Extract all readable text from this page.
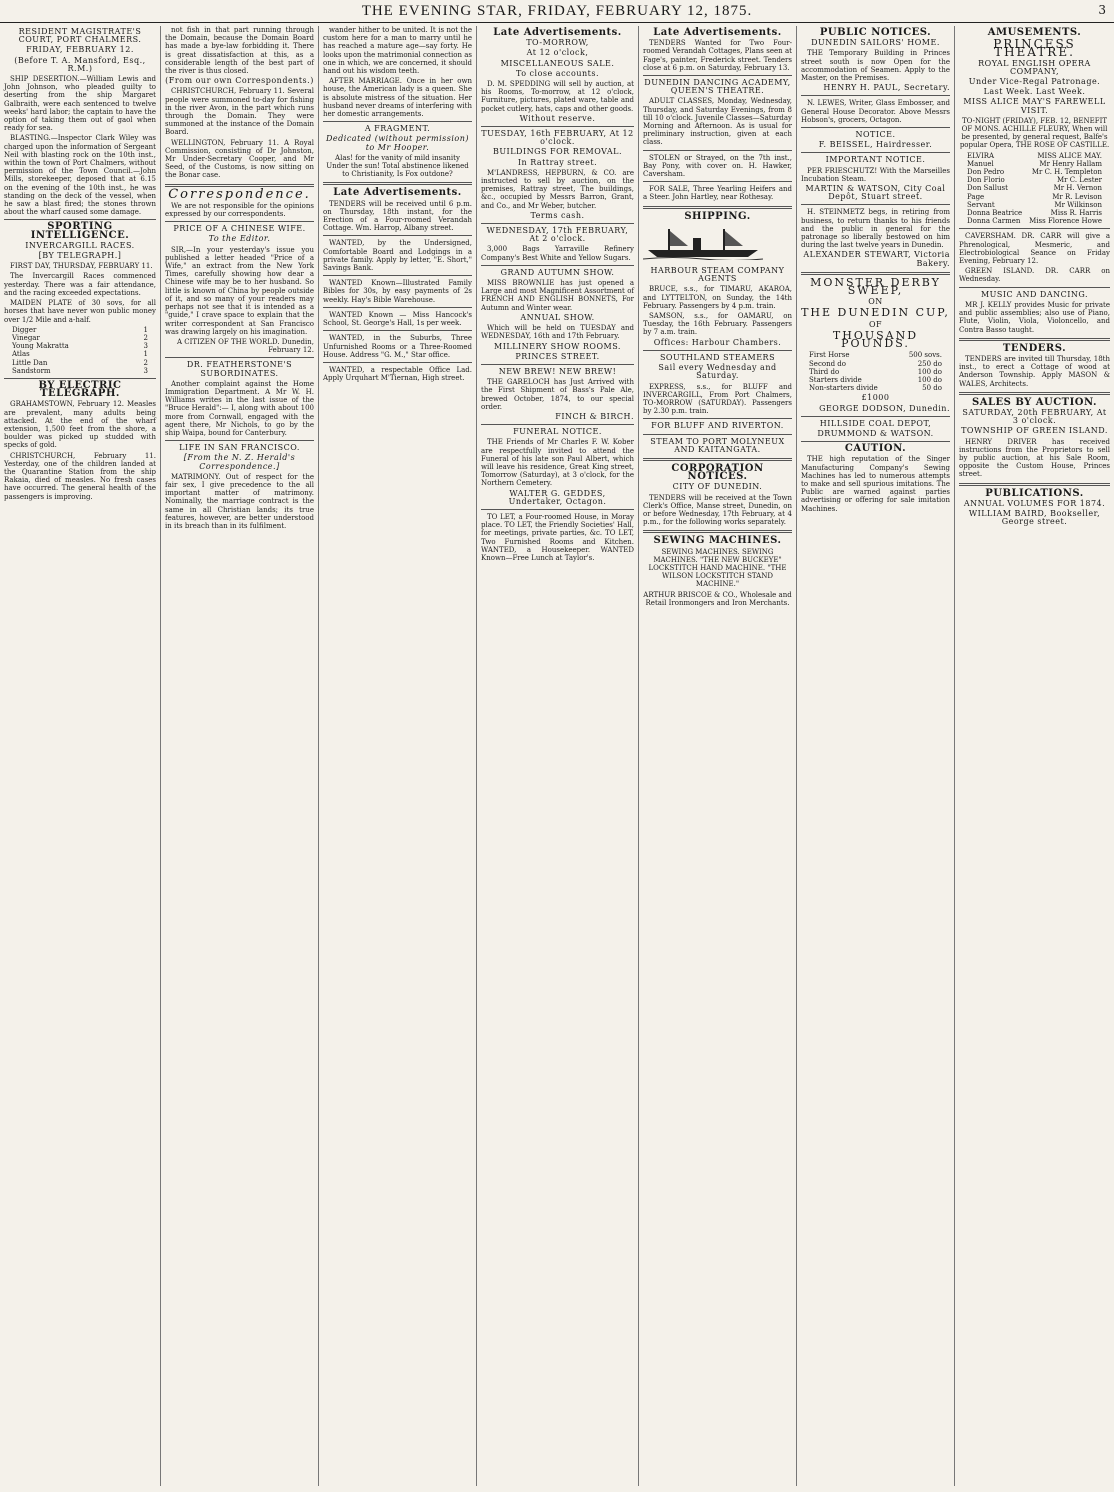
THE EVENING STAR, FRIDAY, FEBRUARY 12, 1875.	3
RESIDENT MAGISTRATE'S COURT, PORT CHALMERS.
FRIDAY, FEBRUARY 12.
(Before T. A. Mansford, Esq., R.M.)

SHIP DESERTION.—William Lewis and John Johnson, who pleaded guilty to deserting from the ship Margaret Galbraith, were each sentenced to twelve weeks' hard labor; the captain to have the option of taking them out of gaol when ready for sea.

BLASTING.—Inspector Clark Wiley was charged upon the information of Sergeant Neil with blasting rock on the 10th inst., within the town of Port Chalmers, without permission of the Town Council.—John Mills, storekeeper, deposed that at 6.15 on the evening of the 10th inst., he was standing on the deck of the vessel, when he saw a blast fired; the stones thrown about the wharf caused some damage.

SPORTING INTELLIGENCE.
INVERCARGILL RACES.
[BY TELEGRAPH.]

FIRST DAY, THURSDAY, FEBRUARY 11.

The Invercargill Races commenced yesterday. There was a fair attendance, and the racing exceeded expectations.

MAIDEN PLATE of 30 sovs, for all horses that have never won public money over 1/2 Mile and a-half.

Digger	1
Vinegar	2
Young Makratta	3
Atlas	1
Little Dan	2
Sandstorm	3
BY ELECTRIC TELEGRAPH.

GRAHAMSTOWN, February 12. Measles are prevalent, many adults being attacked. At the end of the wharf extension, 1,500 feet from the shore, a boulder was picked up studded with specks of gold.

CHRISTCHURCH, February 11. Yesterday, one of the children landed at the Quarantine Station from the ship Rakaia, died of measles. No fresh cases have occurred. The general health of the passengers is improving.

not fish in that part running through the Domain, because the Domain Board has made a bye-law forbidding it. There is great dissatisfaction at this, as a considerable length of the best part of the river is thus closed.

(From our own Correspondents.)

CHRISTCHURCH, February 11. Several people were summoned to-day for fishing in the river Avon, in the part which runs through the Domain. They were summoned at the instance of the Domain Board.

WELLINGTON, February 11. A Royal Commission, consisting of Dr Johnston, Mr Under-Secretary Cooper, and Mr Seed, of the Customs, is now sitting on the Bonar case.

Correspondence.

We are not responsible for the opinions expressed by our correspondents.

PRICE OF A CHINESE WIFE.
To the Editor.

SIR,—In your yesterday's issue you published a letter headed "Price of a Wife," an extract from the New York Times, carefully showing how dear a Chinese wife may be to her husband. So little is known of China by people outside of it, and so many of your readers may perhaps not see that it is intended as a "guide," I crave space to explain that the writer correspondent at San Francisco was drawing largely on his imagination.

A CITIZEN OF THE WORLD. Dunedin, February 12.

DR. FEATHERSTONE'S SUBORDINATES.

Another complaint against the Home Immigration Department. A Mr W. H. Williams writes in the last issue of the "Bruce Herald":— I, along with about 100 more from Cornwall, engaged with the agent there, Mr Nichols, to go by the ship Waipa, bound for Canterbury.

LIFE IN SAN FRANCISCO.
[From the N. Z. Herald's Correspondence.]

MATRIMONY. Out of respect for the fair sex, I give precedence to the all important matter of matrimony. Nominally, the marriage contract is the same in all Christian lands; its true features, however, are better understood in its breach than in its fulfilment.

wander hither to be united. It is not the custom here for a man to marry until he has reached a mature age—say forty. He looks upon the matrimonial connection as one in which, we are concerned, it should hand out his wisdom teeth.

AFTER MARRIAGE. Once in her own house, the American lady is a queen. She is absolute mistress of the situation. Her husband never dreams of interfering with her domestic arrangements.

A FRAGMENT.
Dedicated (without permission) to Mr Hooper.

Alas! for the vanity of mild insanity Under the sun! Total abstinence likened to Christianity, Is Fox outdone?

Late Advertisements.

TENDERS will be received until 6 p.m. on Thursday, 18th instant, for the Erection of a Four-roomed Verandah Cottage. Wm. Harrop, Albany street.

WANTED, by the Undersigned, Comfortable Board and Lodgings in a private family. Apply by letter, "E. Short," Savings Bank.

WANTED Known—Illustrated Family Bibles for 30s, by easy payments of 2s weekly. Hay's Bible Warehouse.

WANTED Known — Miss Hancock's School, St. George's Hall, 1s per week.

WANTED, in the Suburbs, Three Unfurnished Rooms or a Three-Roomed House. Address "G. M.," Star office.

WANTED, a respectable Office Lad. Apply Urquhart M'Tiernan, High street.

Late Advertisements.
TO-MORROW,
At 12 o'clock,
MISCELLANEOUS SALE.
To close accounts.

D. M. SPEDDING will sell by auction, at his Rooms, To-morrow, at 12 o'clock, Furniture, pictures, plated ware, table and pocket cutlery, hats, caps and other goods.

Without reserve.
TUESDAY, 16th FEBRUARY, At 12 o'clock.
BUILDINGS FOR REMOVAL.
In Rattray street.

M'LANDRESS, HEPBURN, & CO. are instructed to sell by auction, on the premises, Rattray street, The buildings, &c., occupied by Messrs Barron, Grant, and Co., and Mr Weber, butcher.

Terms cash.
WEDNESDAY, 17th FEBRUARY, At 2 o'clock.

3,000 Bags Yarraville Refinery Company's Best White and Yellow Sugars.

GRAND AUTUMN SHOW.

MISS BROWNLIE has just opened a Large and most Magnificent Assortment of FRENCH AND ENGLISH BONNETS, For Autumn and Winter wear.

ANNUAL SHOW.

Which will be held on TUESDAY and WEDNESDAY, 16th and 17th February.

MILLINERY SHOW ROOMS.
PRINCES STREET.
NEW BREW! NEW BREW!

THE GARELOCH has Just Arrived with the First Shipment of Bass's Pale Ale, brewed October, 1874, to our special order.

FINCH & BIRCH.
FUNERAL NOTICE.

THE Friends of Mr Charles F. W. Kober are respectfully invited to attend the Funeral of his late son Paul Albert, which will leave his residence, Great King street, Tomorrow (Saturday), at 3 o'clock, for the Northern Cemetery.

WALTER G. GEDDES, Undertaker, Octagon.

TO LET, a Four-roomed House, in Moray place. TO LET, the Friendly Societies' Hall, for meetings, private parties, &c. TO LET, Two Furnished Rooms and Kitchen. WANTED, a Housekeeper. WANTED Known—Free Lunch at Taylor's.

Late Advertisements.

TENDERS Wanted for Two Four-roomed Verandah Cottages, Plans seen at Fage's, painter, Frederick street. Tenders close at 6 p.m. on Saturday, February 13.

DUNEDIN DANCING ACADEMY, QUEEN'S THEATRE.

ADULT CLASSES, Monday, Wednesday, Thursday, and Saturday Evenings, from 8 till 10 o'clock. Juvenile Classes—Saturday Morning and Afternoon. As is usual for preliminary instruction, given at each class.

STOLEN or Strayed, on the 7th inst., Bay Pony, with cover on. H. Hawker, Caversham.

FOR SALE, Three Yearling Heifers and a Steer. John Hartley, near Rothesay.

SHIPPING.
HARBOUR STEAM COMPANY AGENTS

BRUCE, s.s., for TIMARU, AKAROA, and LYTTELTON, on Sunday, the 14th February. Passengers by 4 p.m. train.

SAMSON, s.s., for OAMARU, on Tuesday, the 16th February. Passengers by 7 a.m. train.

Offices: Harbour Chambers.
SOUTHLAND STEAMERS
Sail every Wednesday and Saturday.

EXPRESS, s.s., for BLUFF and INVERCARGILL, From Port Chalmers, TO-MORROW (SATURDAY). Passengers by 2.30 p.m. train.

FOR BLUFF AND RIVERTON.
STEAM TO PORT MOLYNEUX AND KAITANGATA.
CORPORATION NOTICES.
CITY OF DUNEDIN.

TENDERS will be received at the Town Clerk's Office, Manse street, Dunedin, on or before Wednesday, 17th February, at 4 p.m., for the following works separately.

SEWING MACHINES.

SEWING MACHINES. SEWING MACHINES. "THE NEW BUCKEYE" LOCKSTITCH HAND MACHINE. "THE WILSON LOCKSTITCH STAND MACHINE."

ARTHUR BRISCOE & CO., Wholesale and Retail Ironmongers and Iron Merchants.

PUBLIC NOTICES.
DUNEDIN SAILORS' HOME.

THE Temporary Building in Princes street south is now Open for the accommodation of Seamen. Apply to the Master, on the Premises.

HENRY H. PAUL, Secretary.

N. LEWES, Writer, Glass Embosser, and General House Decorator. Above Messrs Hobson's, grocers, Octagon.

NOTICE.
F. BEISSEL, Hairdresser.
IMPORTANT NOTICE.

PER FRIESCHUTZ! With the Marseilles Incubation Steam.

MARTIN & WATSON, City Coal Depôt, Stuart street.

H. STEINMETZ begs, in retiring from business, to return thanks to his friends and the public in general for the patronage so liberally bestowed on him during the last twelve years in Dunedin.

ALEXANDER STEWART, Victoria Bakery.
MONSTER DERBY SWEEP,
ON
THE DUNEDIN CUP,
OF
THOUSAND POUNDS.
First Horse	500 sovs.
Second do	250 do
Third do	100 do
Starters divide	100 do
Non-starters divide	50 do
£1000
GEORGE DODSON, Dunedin.
HILLSIDE COAL DEPOT,
DRUMMOND & WATSON.
CAUTION.

THE high reputation of the Singer Manufacturing Company's Sewing Machines has led to numerous attempts to make and sell spurious imitations. The Public are warned against parties advertising or offering for sale imitation Machines.

AMUSEMENTS.
PRINCESS THEATRE.
ROYAL ENGLISH OPERA COMPANY,
Under Vice-Regal Patronage.
Last Week. Last Week.
MISS ALICE MAY'S FAREWELL VISIT.

TO-NIGHT (FRIDAY), FEB. 12, BENEFIT OF MONS. ACHILLE FLEURY, When will be presented, by general request, Balfe's popular Opera, THE ROSE OF CASTILLE.

ELVIRA	MISS ALICE MAY.
Manuel	Mr Henry Hallam
Don Pedro	Mr C. H. Templeton
Don Florio	Mr C. Lester
Don Sallust	Mr H. Vernon
Page	Mr R. Levison
Servant	Mr Wilkinson
Donna Beatrice	Miss R. Harris
Donna Carmen Miss Florence Howe

CAVERSHAM. DR. CARR will give a Phrenological, Mesmeric, and Electrobiological Seance on Friday Evening, February 12.

GREEN ISLAND. DR. CARR on Wednesday.

MUSIC AND DANCING.

MR J. KELLY provides Music for private and public assemblies; also use of Piano, Flute, Violin, Viola, Violoncello, and Contra Basso taught.

TENDERS.

TENDERS are invited till Thursday, 18th inst., to erect a Cottage of wood at Anderson Township. Apply MASON & WALES, Architects.

SALES BY AUCTION.
SATURDAY, 20th FEBRUARY, At 3 o'clock.
TOWNSHIP OF GREEN ISLAND.

HENRY DRIVER has received instructions from the Proprietors to sell by public auction, at his Sale Room, opposite the Custom House, Princes street.

PUBLICATIONS.
ANNUAL VOLUMES FOR 1874.
WILLIAM BAIRD, Bookseller, George street.
